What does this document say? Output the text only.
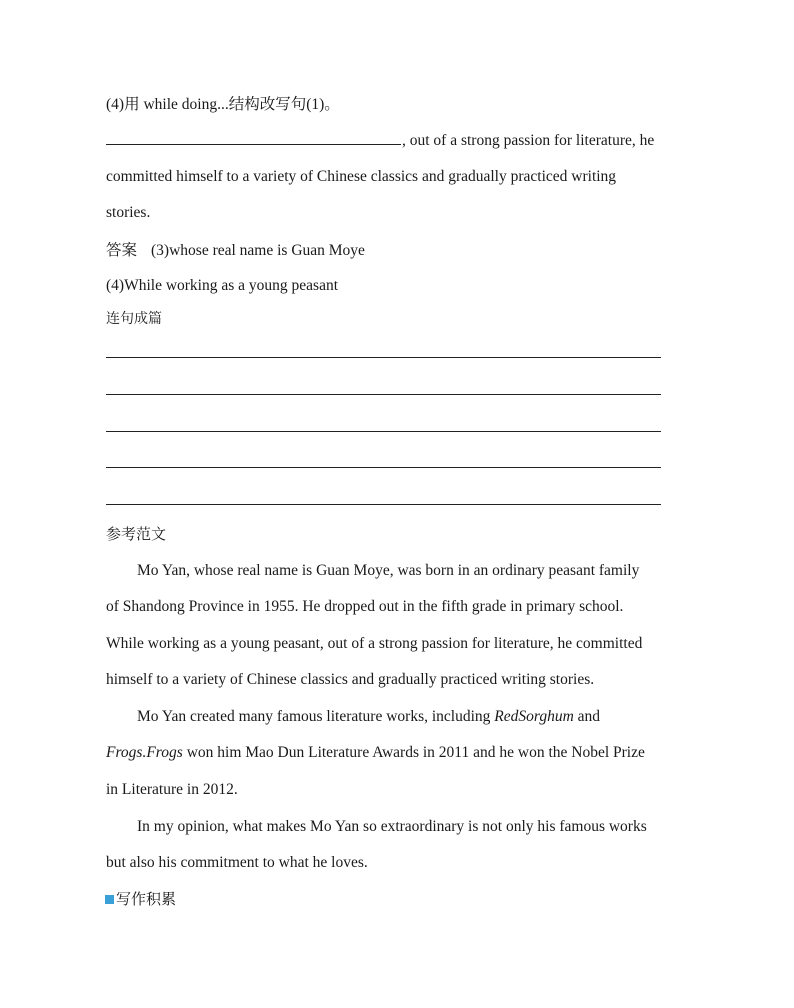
(4)用 while doing...结构改写句(1)。
, out of a strong passion for literature, he
committed himself to a variety of Chinese classics and gradually practiced writing
stories.
答案 (3)whose real name is Guan Moye
(4)While working as a young peasant
连句成篇
参考范文
Mo Yan, whose real name is Guan Moye, was born in an ordinary peasant family
of Shandong Province in 1955. He dropped out in the fifth grade in primary school.
While working as a young peasant, out of a strong passion for literature, he committed
himself to a variety of Chinese classics and gradually practiced writing stories.
Mo Yan created many famous literature works, including RedSorghum and
Frogs.Frogs won him Mao Dun Literature Awards in 2011 and he won the Nobel Prize
in Literature in 2012.
In my opinion, what makes Mo Yan so extraordinary is not only his famous works
but also his commitment to what he loves.
写作积累
